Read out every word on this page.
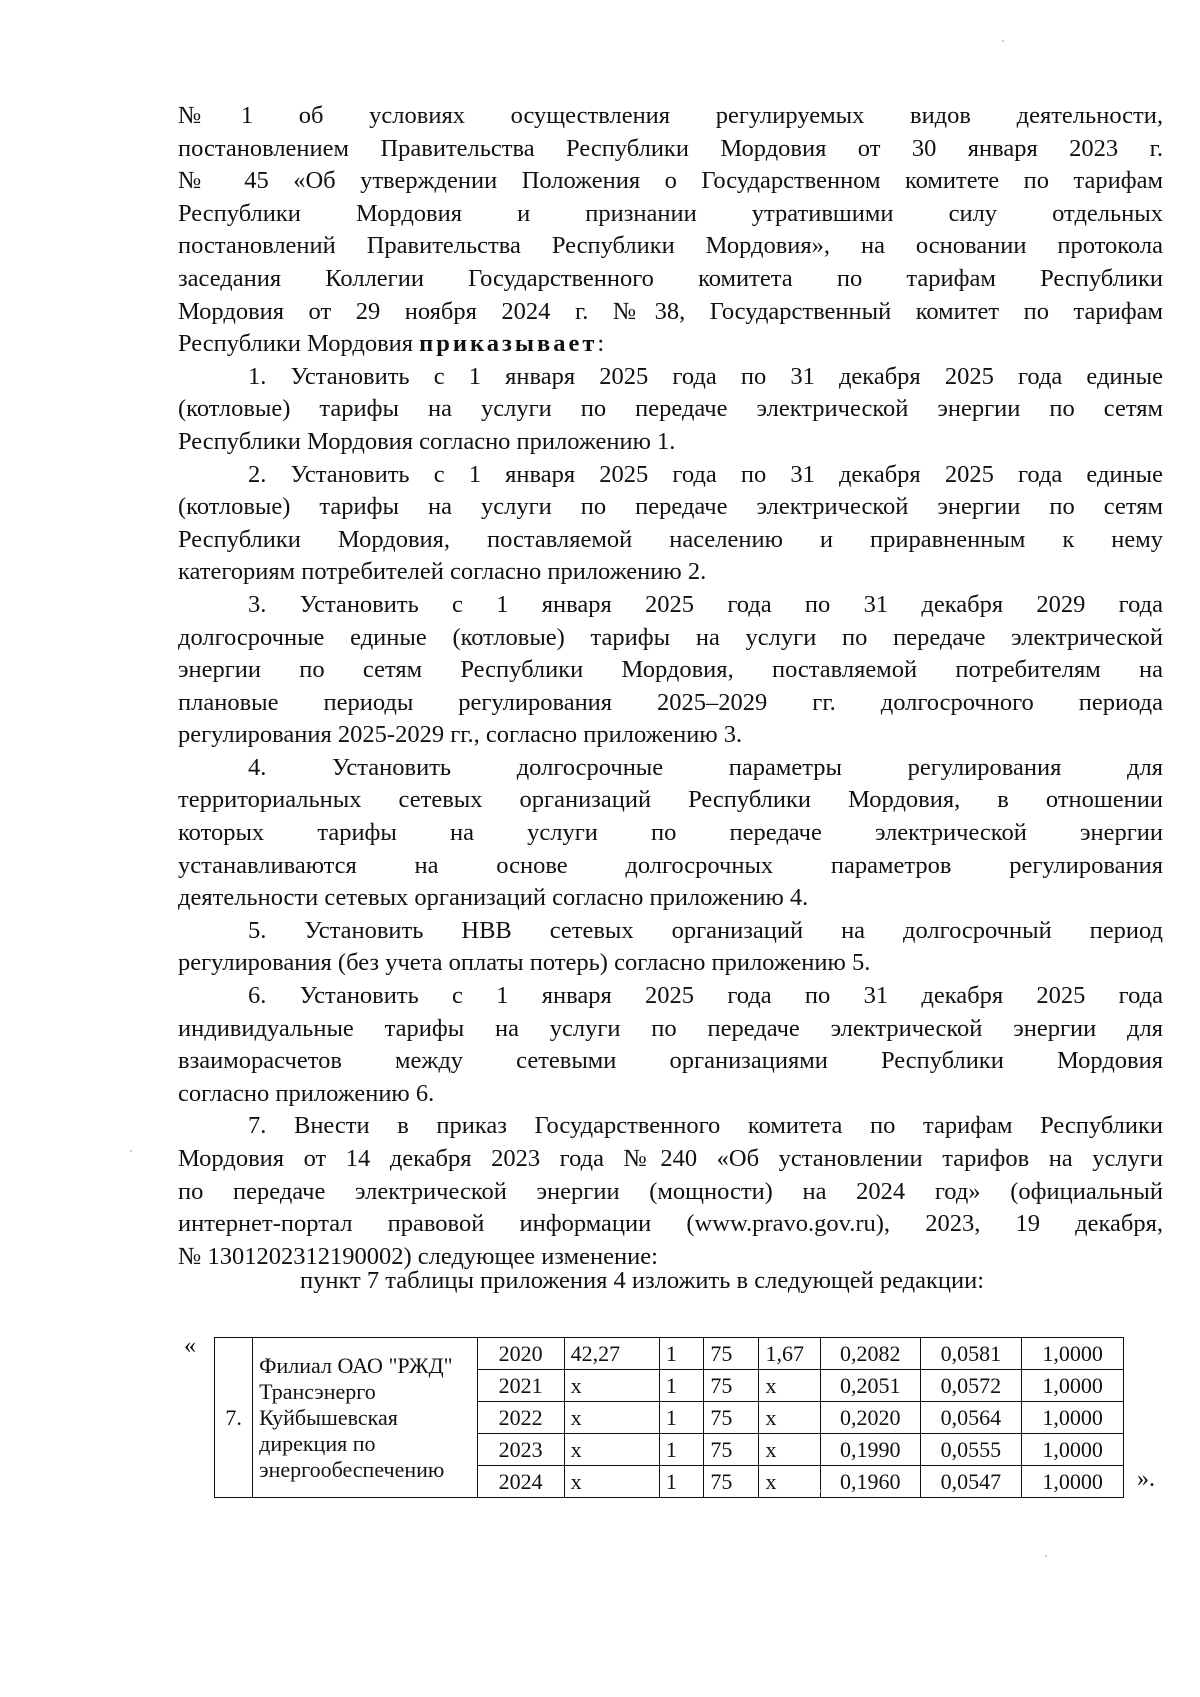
№1 об условиях осуществления регулируемых видов деятельности,

постановлением Правительства Республики Мордовия от 30 января 2023 г.

№ 45 «Об утверждении Положения о Государственном комитете по тарифам

Республики Мордовия и признании утратившими силу отдельных

постановлений Правительства Республики Мордовия», на основании протокола

заседания Коллегии Государственного комитета по тарифам Республики

Мордовия от 29 ноября 2024 г. №38, Государственный комитет по тарифам

Республики Мордовия приказывает:

1. Установить с 1 января 2025 года по 31 декабря 2025 года единые

(котловые) тарифы на услуги по передаче электрической энергии по сетям

Республики Мордовия согласно приложению 1.

2. Установить с 1 января 2025 года по 31 декабря 2025 года единые

(котловые) тарифы на услуги по передаче электрической энергии по сетям

Республики Мордовия, поставляемой населению и приравненным к нему

категориям потребителей согласно приложению 2.

3. Установить с 1 января 2025 года по 31 декабря 2029 года

долгосрочные единые (котловые) тарифы на услуги по передаче электрической

энергии по сетям Республики Мордовия, поставляемой потребителям на

плановые периоды регулирования 2025–2029 гг. долгосрочного периода

регулирования 2025-2029 гг., согласно приложению 3.

4. Установить долгосрочные параметры регулирования для

территориальных сетевых организаций Республики Мордовия, в отношении

которых тарифы на услуги по передаче электрической энергии

устанавливаются на основе долгосрочных параметров регулирования

деятельности сетевых организаций согласно приложению 4.

5. Установить НВВ сетевых организаций на долгосрочный период

регулирования (без учета оплаты потерь) согласно приложению 5.

6. Установить с 1 января 2025 года по 31 декабря 2025 года

индивидуальные тарифы на услуги по передаче электрической энергии для

взаиморасчетов между сетевыми организациями Республики Мордовия

согласно приложению 6.

7. Внести в приказ Государственного комитета по тарифам Республики

Мордовия от 14 декабря 2023 года №240 «Об установлении тарифов на услуги

по передаче электрической энергии (мощности) на 2024 год» (официальный

интернет-портал правовой информации (www.pravo.gov.ru), 2023, 19 декабря,

№ 1301202312190002) следующее изменение:

пункт 7 таблицы приложения 4 изложить в следующей редакции:
«
7.	Филиал ОАО "РЖД" Трансэнерго Куйбышевская дирекция по энергообеспечению	2020	42,27	1	75	1,67	0,2082	0,0581	1,0000
		2021	х	1	75	х	0,2051	0,0572	1,0000
		2022	х	1	75	х	0,2020	0,0564	1,0000
		2023	х	1	75	х	0,1990	0,0555	1,0000
		2024	х	1	75	х	0,1960	0,0547	1,0000 ».
